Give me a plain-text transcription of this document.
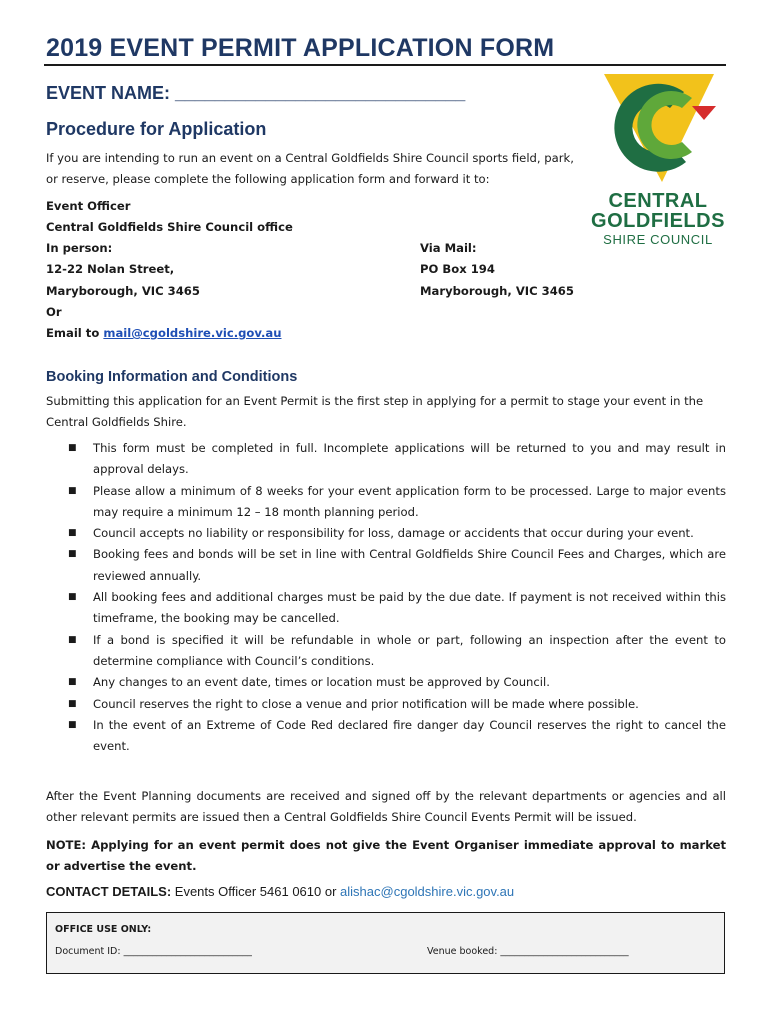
2019 EVENT PERMIT APPLICATION FORM
EVENT NAME: _____________________________
CENTRAL
GOLDFIELDS
SHIRE COUNCIL
Procedure for Application
If you are intending to run an event on a Central Goldfields Shire Council sports field, park, or reserve, please complete the following application form and forward it to:
Event Officer
Central Goldfields Shire Council office
In person:
12-22 Nolan Street,
Maryborough, VIC 3465
Via Mail:
PO Box 194
Maryborough, VIC 3465
Or
Email to mail@cgoldshire.vic.gov.au
Booking Information and Conditions
Submitting this application for an Event Permit is the first step in applying for a permit to stage your event in the Central Goldfields Shire.
■ This form must be completed in full. Incomplete applications will be returned to you and may result in approval delays.
■ Please allow a minimum of 8 weeks for your event application form to be processed. Large to major events may require a minimum 12 – 18 month planning period.
■ Council accepts no liability or responsibility for loss, damage or accidents that occur during your event.
■ Booking fees and bonds will be set in line with Central Goldfields Shire Council Fees and Charges, which are reviewed annually.
■ All booking fees and additional charges must be paid by the due date. If payment is not received within this timeframe, the booking may be cancelled.
■ If a bond is specified it will be refundable in whole or part, following an inspection after the event to determine compliance with Council’s conditions.
■ Any changes to an event date, times or location must be approved by Council.
■ Council reserves the right to close a venue and prior notification will be made where possible.
■ In the event of an Extreme of Code Red declared fire danger day Council reserves the right to cancel the event.
After the Event Planning documents are received and signed off by the relevant departments or agencies and all other relevant permits are issued then a Central Goldfields Shire Council Events Permit will be issued.
NOTE: Applying for an event permit does not give the Event Organiser immediate approval to market or advertise the event.
CONTACT DETAILS: Events Officer 5461 0610 or alishac@cgoldshire.vic.gov.au
OFFICE USE ONLY:
Document ID: ___________________________	Venue booked: ___________________________
